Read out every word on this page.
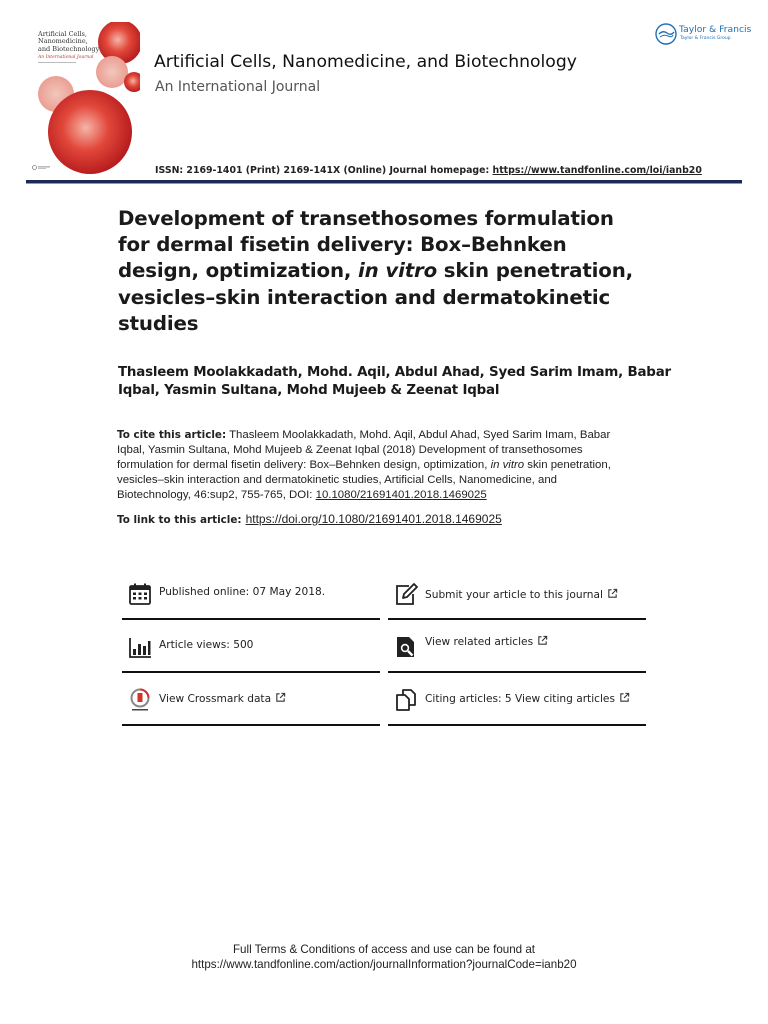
Artificial Cells, Nanomedicine, and Biotechnology
An International Journal	Artificial Cells, Nanomedicine, and Biotechnology
An International Journal
Taylor & Francis
Taylor & Francis Group
ISSN: 2169-1401 (Print) 2169-141X (Online) Journal homepage: https://www.tandfonline.com/loi/ianb20
Development of transethosomes formulation
for dermal fisetin delivery: Box–Behnken
design, optimization, in vitro skin penetration,
vesicles–skin interaction and dermatokinetic
studies
Thasleem Moolakkadath, Mohd. Aqil, Abdul Ahad, Syed Sarim Imam, Babar
Iqbal, Yasmin Sultana, Mohd Mujeeb & Zeenat Iqbal
To cite this article: Thasleem Moolakkadath, Mohd. Aqil, Abdul Ahad, Syed Sarim Imam, Babar
Iqbal, Yasmin Sultana, Mohd Mujeeb & Zeenat Iqbal (2018) Development of transethosomes
formulation for dermal fisetin delivery: Box–Behnken design, optimization, in vitro skin penetration,
vesicles–skin interaction and dermatokinetic studies, Artificial Cells, Nanomedicine, and
Biotechnology, 46:sup2, 755-765, DOI: 10.1080/21691401.2018.1469025
To link to this article: https://doi.org/10.1080/21691401.2018.1469025
Published online: 07 May 2018.	Submit your article to this journal
Article views: 500	View related articles
View Crossmark data	Citing articles: 5 View citing articles
Full Terms & Conditions of access and use can be found at
https://www.tandfonline.com/action/journalInformation?journalCode=ianb20
